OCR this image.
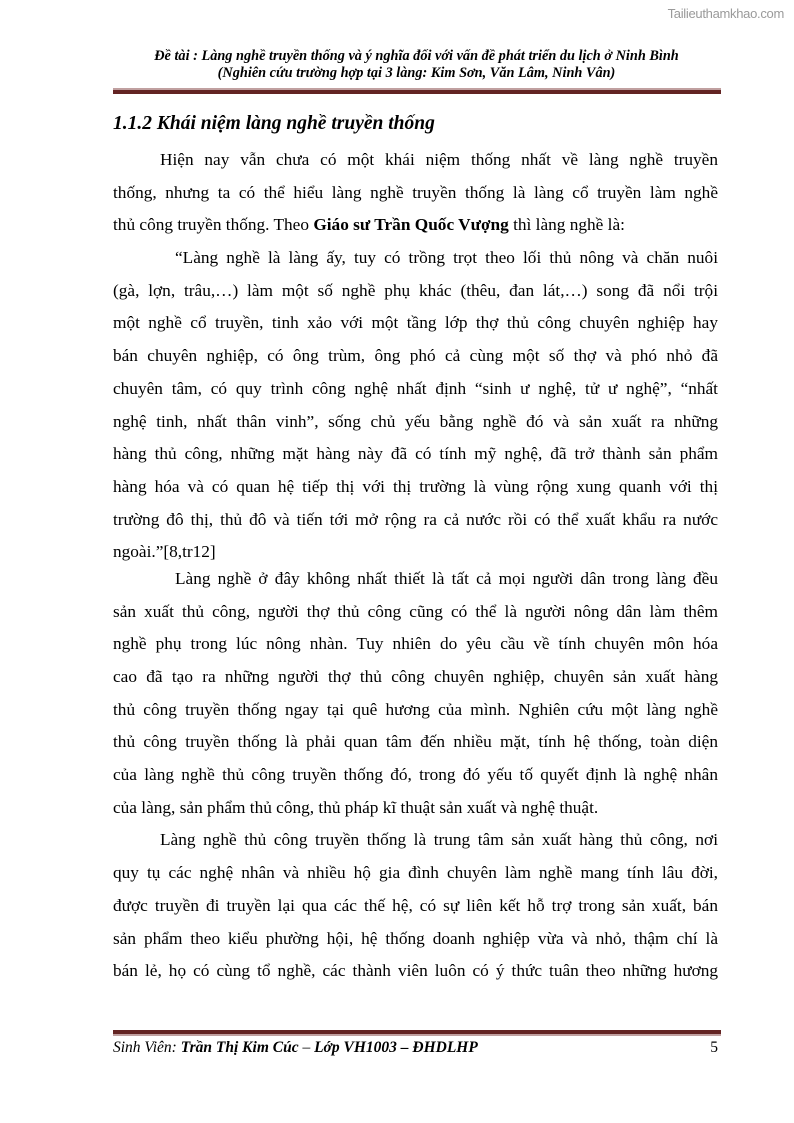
Tailieuthamkhao.com
Đề tài : Làng nghề truyền thống và ý nghĩa đối với vấn đề phát triển du lịch ở Ninh Bình
(Nghiên cứu trường hợp tại 3 làng: Kim Sơn, Văn Lâm, Ninh Vân)
1.1.2 Khái niệm làng nghề truyền thống
Hiện nay vẫn chưa có một khái niệm thống nhất về làng nghề truyền
thống, nhưng ta có thể hiểu làng nghề truyền thống là làng cổ truyền làm nghề
thủ công truyền thống. Theo Giáo sư Trần Quốc Vượng thì làng nghề là:
“Làng nghề là làng ấy, tuy có trồng trọt theo lối thủ nông và chăn nuôi
(gà, lợn, trâu,…) làm một số nghề phụ khác (thêu, đan lát,…) song đã nổi trội
một nghề cổ truyền, tinh xảo với một tầng lớp thợ thủ công chuyên nghiệp hay
bán chuyên nghiệp, có ông trùm, ông phó cả cùng một số thợ và phó nhỏ đã
chuyên tâm, có quy trình công nghệ nhất định “sinh ư nghệ, tử ư nghệ”, “nhất
nghệ tinh, nhất thân vinh”, sống chủ yếu bằng nghề đó và sản xuất ra những
hàng thủ công, những mặt hàng này đã có tính mỹ nghệ, đã trở thành sản phẩm
hàng hóa và có quan hệ tiếp thị với thị trường là vùng rộng xung quanh với thị
trường đô thị, thủ đô và tiến tới mở rộng ra cả nước rồi có thể xuất khẩu ra nước
ngoài.”[8,tr12]
Làng nghề ở đây không nhất thiết là tất cả mọi người dân trong làng đều
sản xuất thủ công, người thợ thủ công cũng có thể là người nông dân làm thêm
nghề phụ trong lúc nông nhàn. Tuy nhiên do yêu cầu về tính chuyên môn hóa
cao đã tạo ra những người thợ thủ công chuyên nghiệp, chuyên sản xuất hàng
thủ công truyền thống ngay tại quê hương của mình. Nghiên cứu một làng nghề
thủ công truyền thống là phải quan tâm đến nhiều mặt, tính hệ thống, toàn diện
của làng nghề thủ công truyền thống đó, trong đó yếu tố quyết định là nghệ nhân
của làng, sản phẩm thủ công, thủ pháp kĩ thuật sản xuất và nghệ thuật.
Làng nghề thủ công truyền thống là trung tâm sản xuất hàng thủ công, nơi
quy tụ các nghệ nhân và nhiều hộ gia đình chuyên làm nghề mang tính lâu đời,
được truyền đi truyền lại qua các thế hệ, có sự liên kết hỗ trợ trong sản xuất, bán
sản phẩm theo kiểu phường hội, hệ thống doanh nghiệp vừa và nhỏ, thậm chí là
bán lẻ, họ có cùng tổ nghề, các thành viên luôn có ý thức tuân theo những hương
Sinh Viên: Trần Thị Kim Cúc – Lớp VH1003 – ĐHDLHP	5
